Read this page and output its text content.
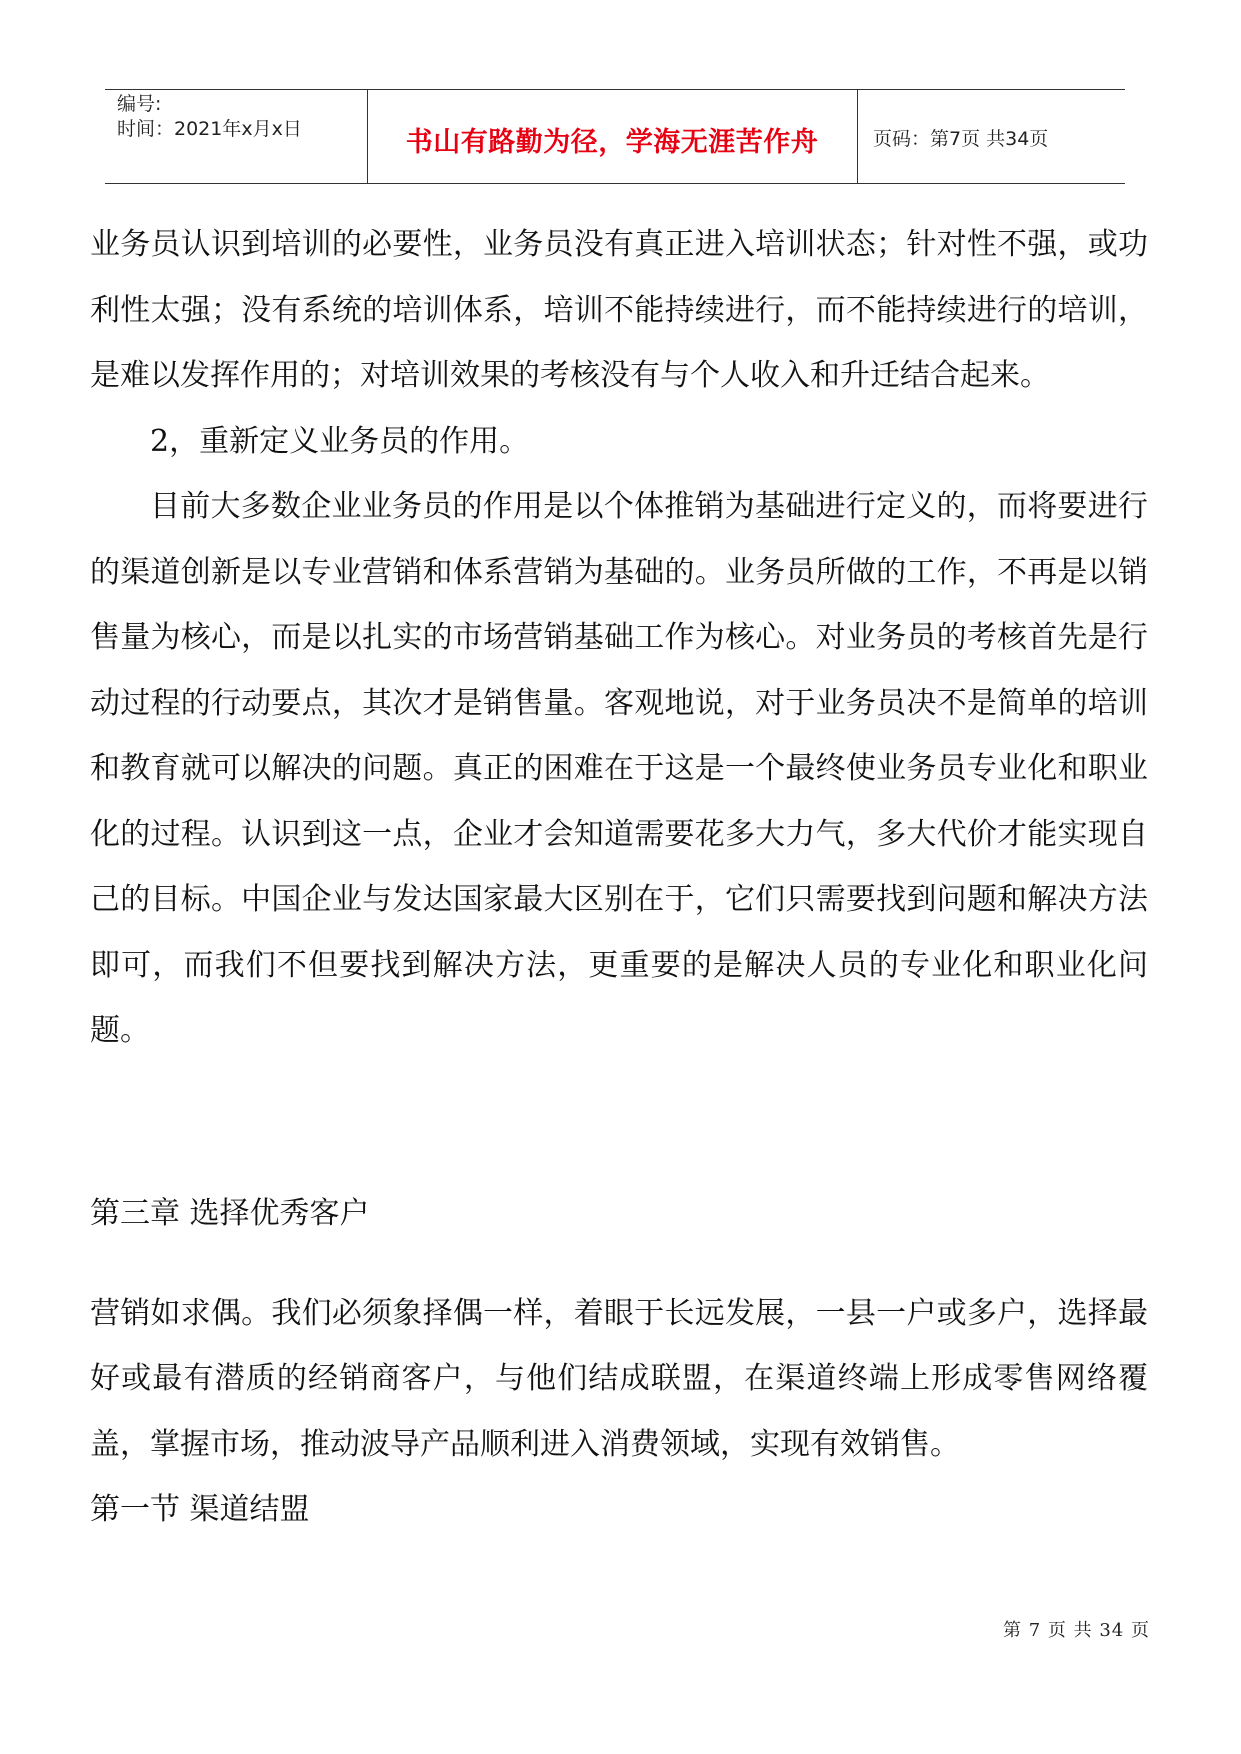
编号:
时间：2021年x月x日	书山有路勤为径，学海无涯苦作舟	页码：第7页 共34页

业务员认识到培训的必要性，业务员没有真正进入培训状态；针对性不强，或功利性太强；没有系统的培训体系，培训不能持续进行，而不能持续进行的培训，是难以发挥作用的；对培训效果的考核没有与个人收入和升迁结合起来。

2，重新定义业务员的作用。

目前大多数企业业务员的作用是以个体推销为基础进行定义的，而将要进行的渠道创新是以专业营销和体系营销为基础的。业务员所做的工作，不再是以销售量为核心，而是以扎实的市场营销基础工作为核心。对业务员的考核首先是行动过程的行动要点，其次才是销售量。客观地说，对于业务员决不是简单的培训和教育就可以解决的问题。真正的困难在于这是一个最终使业务员专业化和职业化的过程。认识到这一点，企业才会知道需要花多大力气，多大代价才能实现自己的目标。中国企业与发达国家最大区别在于，它们只需要找到问题和解决方法即可，而我们不但要找到解决方法，更重要的是解决人员的专业化和职业化问题。

第三章 选择优秀客户

营销如求偶。我们必须象择偶一样，着眼于长远发展，一县一户或多户，选择最好或最有潜质的经销商客户，与他们结成联盟，在渠道终端上形成零售网络覆盖，掌握市场，推动波导产品顺利进入消费领域，实现有效销售。

第一节 渠道结盟

第 7 页 共 34 页
